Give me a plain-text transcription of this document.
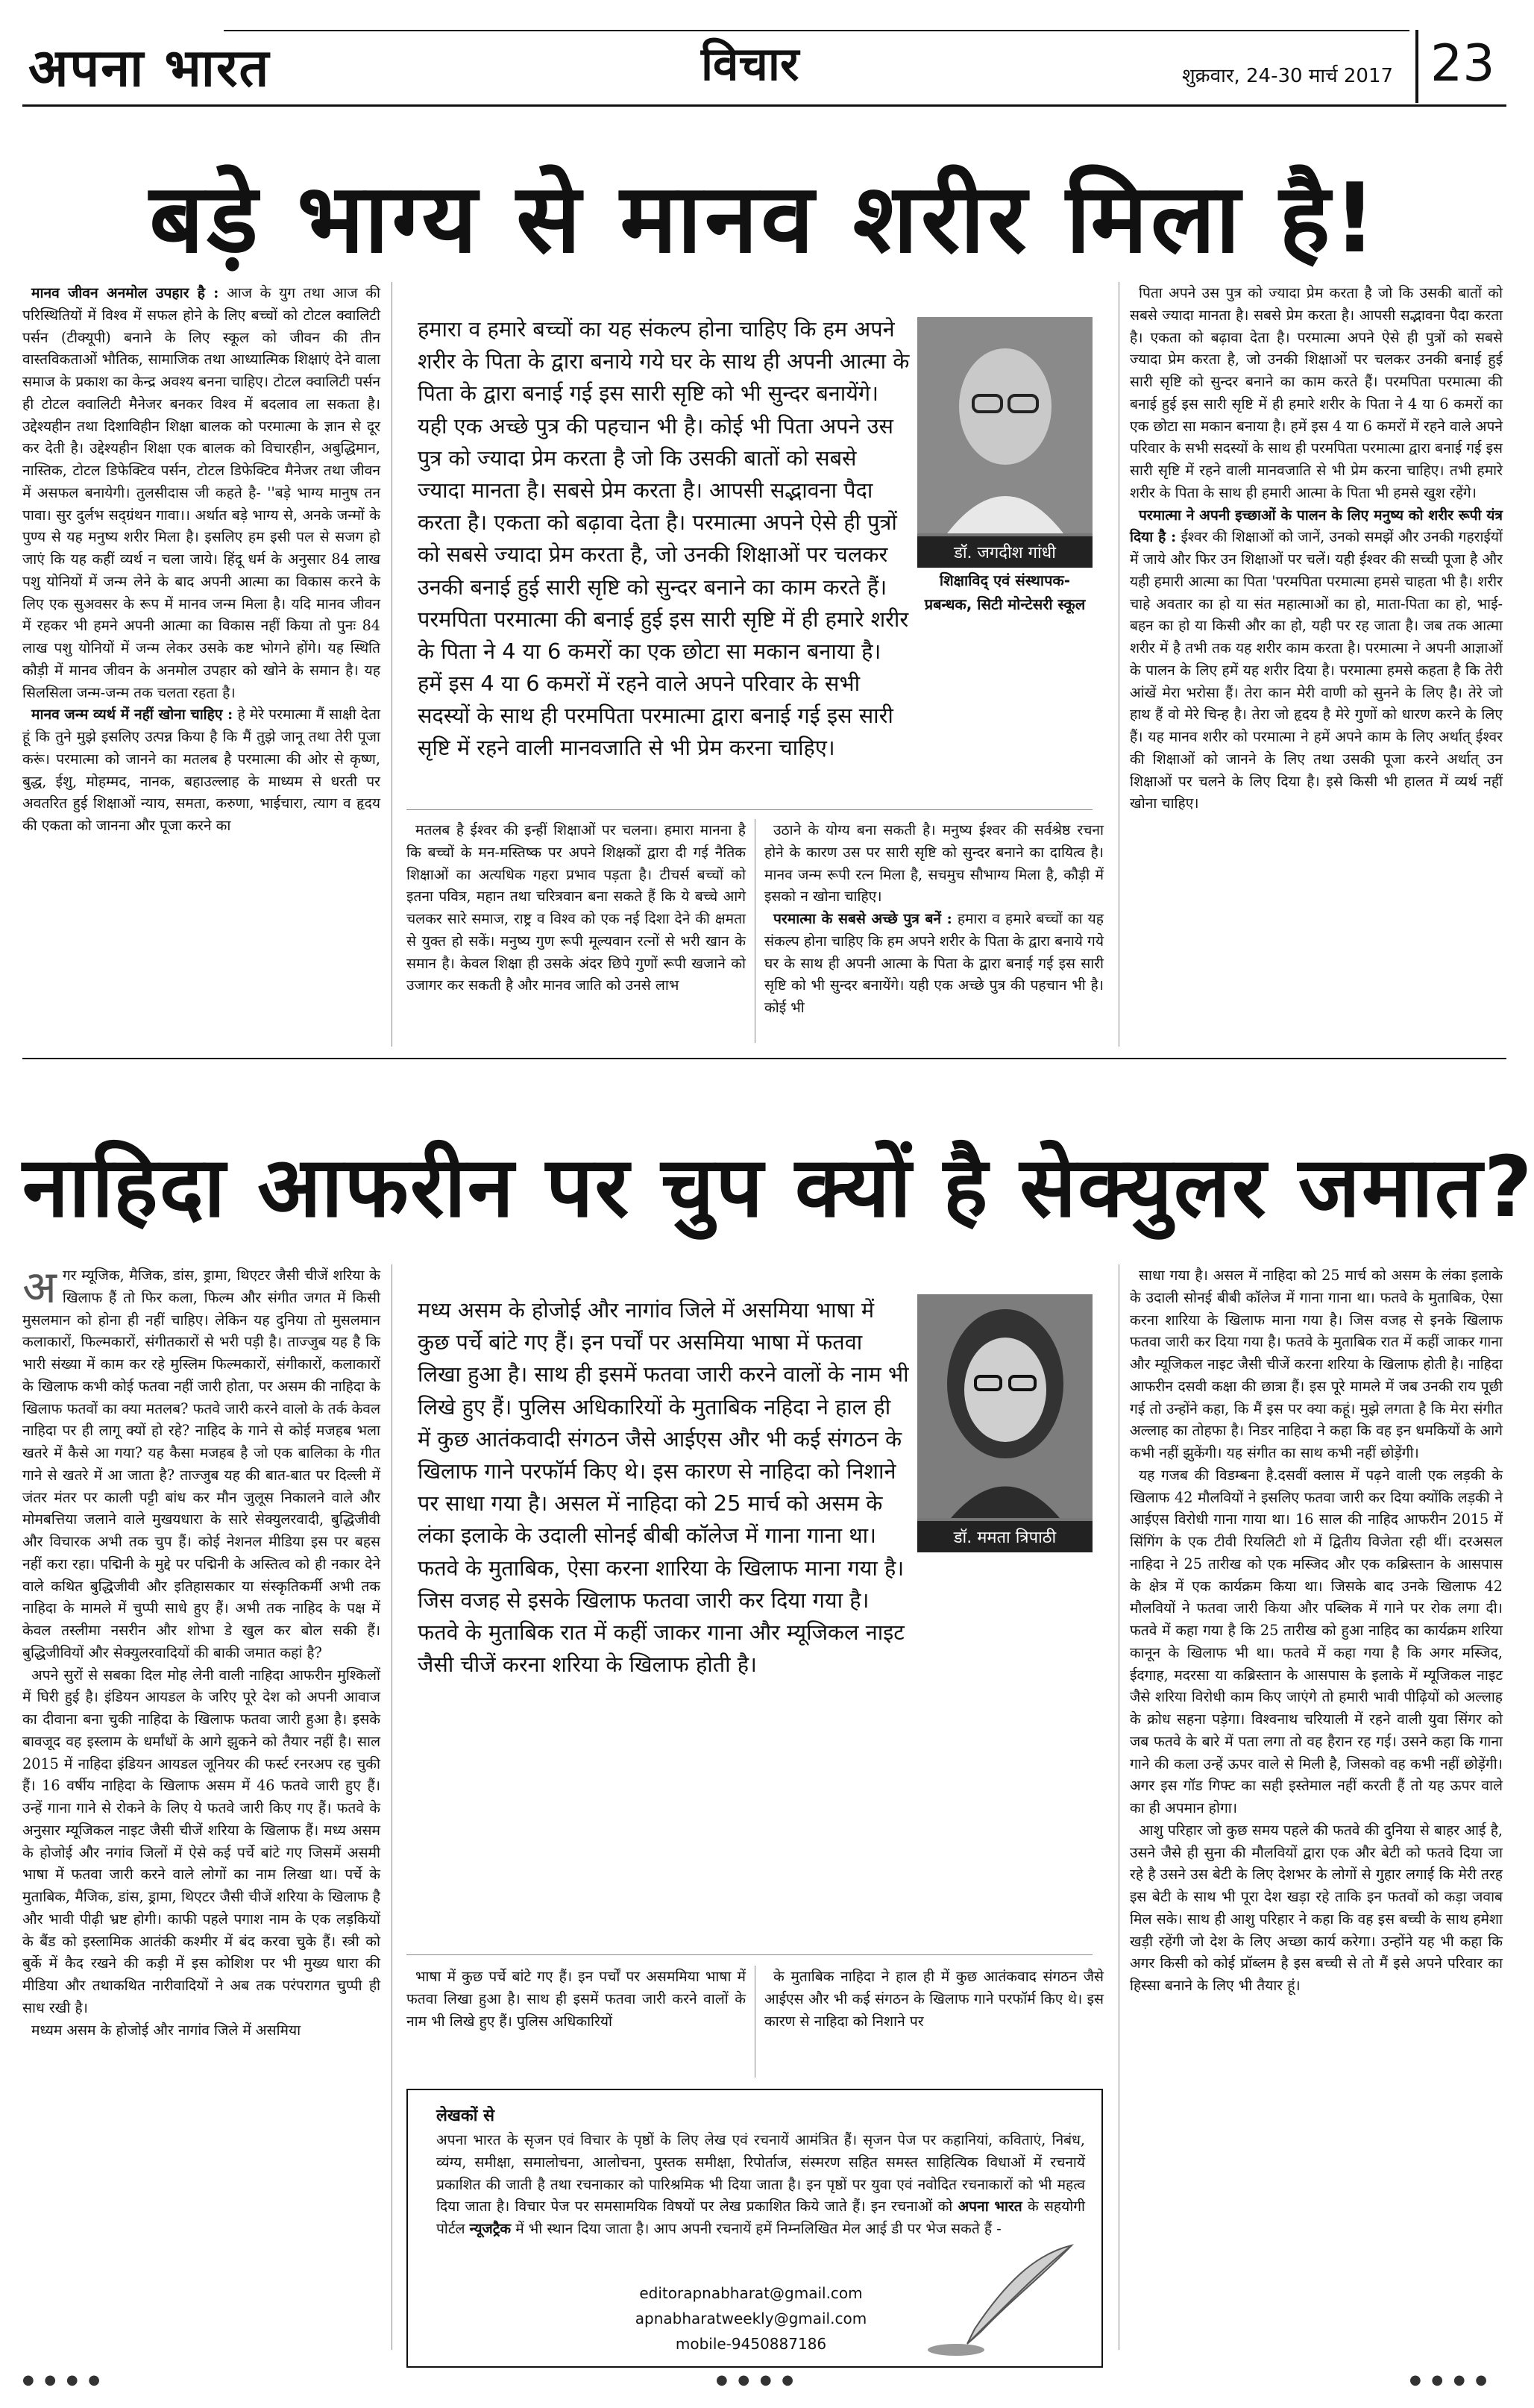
अपना भारत	विचार	शुक्रवार, 24-30 मार्च 2017 23
बड़े भाग्य से मानव शरीर मिला है!

मानव जीवन अनमोल उपहार है : आज के युग तथा आज की परिस्थितियों में विश्व में सफल होने के लिए बच्चों को टोटल क्वालिटी पर्सन (टीक्यूपी) बनाने के लिए स्कूल को जीवन की तीन वास्तविकताओं भौतिक, सामाजिक तथा आध्यात्मिक शिक्षाएं देने वाला समाज के प्रकाश का केन्द्र अवश्य बनना चाहिए। टोटल क्वालिटी पर्सन ही टोटल क्वालिटी मैनेजर बनकर विश्व में बदलाव ला सकता है। उद्देश्यहीन तथा दिशाविहीन शिक्षा बालक को परमात्मा के ज्ञान से दूर कर देती है। उद्देश्यहीन शिक्षा एक बालक को विचारहीन, अबुद्धिमान, नास्तिक, टोटल डिफेक्टिव पर्सन, टोटल डिफेक्टिव मैनेजर तथा जीवन में असफल बनायेगी। तुलसीदास जी कहते है- ''बड़े भाग्य मानुष तन पावा। सुर दुर्लभ सद्ग्रंथन गावा।। अर्थात बड़े भाग्य से, अनके जन्मों के पुण्य से यह मनुष्य शरीर मिला है। इसलिए हम इसी पल से सजग हो जाएं कि यह कहीं व्यर्थ न चला जाये। हिंदू धर्म के अनुसार 84 लाख पशु योनियों में जन्म लेने के बाद अपनी आत्मा का विकास करने के लिए एक सुअवसर के रूप में मानव जन्म मिला है। यदि मानव जीवन में रहकर भी हमने अपनी आत्मा का विकास नहीं किया तो पुनः 84 लाख पशु योनियों में जन्म लेकर उसके कष्ट भोगने होंगे। यह स्थिति कौड़ी में मानव जीवन के अनमोल उपहार को खोने के समान है। यह सिलसिला जन्म-जन्म तक चलता रहता है।

मानव जन्म व्यर्थ में नहीं खोना चाहिए : हे मेरे परमात्मा मैं साक्षी देता हूं कि तुने मुझे इसलिए उत्पन्न किया है कि मैं तुझे जानू तथा तेरी पूजा करूं। परमात्मा को जानने का मतलब है परमात्मा की ओर से कृष्ण, बुद्ध, ईशु, मोहम्मद, नानक, बहाउल्लाह के माध्यम से धरती पर अवतरित हुई शिक्षाओं न्याय, समता, करुणा, भाईचारा, त्याग व हृदय की एकता को जानना और पूजा करने का

हमारा व हमारे बच्चों का यह संकल्प होना चाहिए कि हम अपने शरीर के पिता के द्वारा बनाये गये घर के साथ ही अपनी आत्मा के पिता के द्वारा बनाई गई इस सारी सृष्टि को भी सुन्दर बनायेंगे। यही एक अच्छे पुत्र की पहचान भी है। कोई भी पिता अपने उस पुत्र को ज्यादा प्रेम करता है जो कि उसकी बातों को सबसे ज्यादा मानता है। सबसे प्रेम करता है। आपसी सद्भावना पैदा करता है। एकता को बढ़ावा देता है। परमात्मा अपने ऐसे ही पुत्रों को सबसे ज्यादा प्रेम करता है, जो उनकी शिक्षाओं पर चलकर उनकी बनाई हुई सारी सृष्टि को सुन्दर बनाने का काम करते हैं। परमपिता परमात्मा की बनाई हुई इस सारी सृष्टि में ही हमारे शरीर के पिता ने 4 या 6 कमरों का एक छोटा सा मकान बनाया है। हमें इस 4 या 6 कमरों में रहने वाले अपने परिवार के सभी सदस्यों के साथ ही परमपिता परमात्मा द्वारा बनाई गई इस सारी सृष्टि में रहने वाली मानवजाति से भी प्रेम करना चाहिए।

डॉ. जगदीश गांधी
शिक्षाविद् एवं संस्थापक-
प्रबन्धक, सिटी मोन्टेसरी स्कूल

मतलब है ईश्वर की इन्हीं शिक्षाओं पर चलना। हमारा मानना है कि बच्चों के मन-मस्तिष्क पर अपने शिक्षकों द्वारा दी गई नैतिक शिक्षाओं का अत्यधिक गहरा प्रभाव पड़ता है। टीचर्स बच्चों को इतना पवित्र, महान तथा चरित्रवान बना सकते हैं कि ये बच्चे आगे चलकर सारे समाज, राष्ट्र व विश्व को एक नई दिशा देने की क्षमता से युक्त हो सकें। मनुष्य गुण रूपी मूल्यवान रत्नों से भरी खान के समान है। केवल शिक्षा ही उसके अंदर छिपे गुणों रूपी खजाने को उजागर कर सकती है और मानव जाति को उनसे लाभ

उठाने के योग्य बना सकती है। मनुष्य ईश्वर की सर्वश्रेष्ठ रचना होने के कारण उस पर सारी सृष्टि को सुन्दर बनाने का दायित्व है। मानव जन्म रूपी रत्न मिला है, सचमुच सौभाग्य मिला है, कौड़ी में इसको न खोना चाहिए।

परमात्मा के सबसे अच्छे पुत्र बनें : हमारा व हमारे बच्चों का यह संकल्प होना चाहिए कि हम अपने शरीर के पिता के द्वारा बनाये गये घर के साथ ही अपनी आत्मा के पिता के द्वारा बनाई गई इस सारी सृष्टि को भी सुन्दर बनायेंगे। यही एक अच्छे पुत्र की पहचान भी है। कोई भी

पिता अपने उस पुत्र को ज्यादा प्रेम करता है जो कि उसकी बातों को सबसे ज्यादा मानता है। सबसे प्रेम करता है। आपसी सद्भावना पैदा करता है। एकता को बढ़ावा देता है। परमात्मा अपने ऐसे ही पुत्रों को सबसे ज्यादा प्रेम करता है, जो उनकी शिक्षाओं पर चलकर उनकी बनाई हुई सारी सृष्टि को सुन्दर बनाने का काम करते हैं। परमपिता परमात्मा की बनाई हुई इस सारी सृष्टि में ही हमारे शरीर के पिता ने 4 या 6 कमरों का एक छोटा सा मकान बनाया है। हमें इस 4 या 6 कमरों में रहने वाले अपने परिवार के सभी सदस्यों के साथ ही परमपिता परमात्मा द्वारा बनाई गई इस सारी सृष्टि में रहने वाली मानवजाति से भी प्रेम करना चाहिए। तभी हमारे शरीर के पिता के साथ ही हमारी आत्मा के पिता भी हमसे खुश रहेंगे।

परमात्मा ने अपनी इच्छाओं के पालन के लिए मनुष्य को शरीर रूपी यंत्र दिया है : ईश्वर की शिक्षाओं को जानें, उनको समझें और उनकी गहराईयों में जाये और फिर उन शिक्षाओं पर चलें। यही ईश्वर की सच्ची पूजा है और यही हमारी आत्मा का पिता 'परमपिता परमात्मा हमसे चाहता भी है। शरीर चाहे अवतार का हो या संत महात्माओं का हो, माता-पिता का हो, भाई-बहन का हो या किसी और का हो, यही पर रह जाता है। जब तक आत्मा शरीर में है तभी तक यह शरीर काम करता है। परमात्मा ने अपनी आज्ञाओं के पालन के लिए हमें यह शरीर दिया है। परमात्मा हमसे कहता है कि तेरी आंखें मेरा भरोसा हैं। तेरा कान मेरी वाणी को सुनने के लिए है। तेरे जो हाथ हैं वो मेरे चिन्ह है। तेरा जो हृदय है मेरे गुणों को धारण करने के लिए हैं। यह मानव शरीर को परमात्मा ने हमें अपने काम के लिए अर्थात् ईश्वर की शिक्षाओं को जानने के लिए तथा उसकी पूजा करने अर्थात् उन शिक्षाओं पर चलने के लिए दिया है। इसे किसी भी हालत में व्यर्थ नहीं खोना चाहिए।

नाहिदा आफरीन पर चुप क्यों है सेक्युलर जमात?

अगर म्यूजिक, मैजिक, डांस, ड्रामा, थिएटर जैसी चीजें शरिया के खिलाफ हैं तो फिर कला, फिल्म और संगीत जगत में किसी मुसलमान को होना ही नहीं चाहिए। लेकिन यह दुनिया तो मुसलमान कलाकारों, फिल्मकारों, संगीतकारों से भरी पड़ी है। ताज्जुब यह है कि भारी संख्या में काम कर रहे मुस्लिम फिल्मकारों, संगीकारों, कलाकारों के खिलाफ कभी कोई फतवा नहीं जारी होता, पर असम की नाहिदा के खिलाफ फतवों का क्या मतलब? फतवे जारी करने वालो के तर्क केवल नाहिदा पर ही लागू क्यों हो रहे? नाहिद के गाने से कोई मजहब भला खतरे में कैसे आ गया? यह कैसा मजहब है जो एक बालिका के गीत गाने से खतरे में आ जाता है? ताज्जुब यह की बात-बात पर दिल्ली में जंतर मंतर पर काली पट्टी बांध कर मौन जुलूस निकालने वाले और मोमबत्तिया जलाने वाले मुखयधारा के सारे सेक्युलरवादी, बुद्धिजीवी और विचारक अभी तक चुप हैं। कोई नेशनल मीडिया इस पर बहस नहीं करा रहा। पद्मिनी के मुद्दे पर पद्मिनी के अस्तित्व को ही नकार देने वाले कथित बुद्धिजीवी और इतिहासकार या संस्कृतिकर्मी अभी तक नाहिदा के मामले में चुप्पी साधे हुए हैं। अभी तक नाहिद के पक्ष में केवल तस्लीमा नसरीन और शोभा डे खुल कर बोल सकी हैं। बुद्धिजीवियों और सेक्युलरवादियों की बाकी जमात कहां है?

अपने सुरों से सबका दिल मोह लेनी वाली नाहिदा आफरीन मुश्किलों में घिरी हुई है। इंडियन आयडल के जरिए पूरे देश को अपनी आवाज का दीवाना बना चुकी नाहिदा के खिलाफ फतवा जारी हुआ है। इसके बावजूद वह इस्लाम के धर्मांधों के आगे झुकने को तैयार नहीं है। साल 2015 में नाहिदा इंडियन आयडल जूनियर की फर्स्ट रनरअप रह चुकी हैं। 16 वर्षीय नाहिदा के खिलाफ असम में 46 फतवे जारी हुए हैं। उन्हें गाना गाने से रोकने के लिए ये फतवे जारी किए गए हैं। फतवे के अनुसार म्यूजिकल नाइट जैसी चीजें शरिया के खिलाफ हैं। मध्य असम के होजोई और नगांव जिलों में ऐसे कई पर्चे बांटे गए जिसमें असमी भाषा में फतवा जारी करने वाले लोगों का नाम लिखा था। पर्चे के मुताबिक, मैजिक, डांस, ड्रामा, थिएटर जैसी चीजें शरिया के खिलाफ है और भावी पीढ़ी भ्रष्ट होगी। काफी पहले पगाश नाम के एक लड़कियों के बैंड को इस्लामिक आतंकी कश्मीर में बंद करवा चुके हैं। स्त्री को बुर्के में कैद रखने की कड़ी में इस कोशिश पर भी मुख्य धारा की मीडिया और तथाकथित नारीवादियों ने अब तक परंपरागत चुप्पी ही साध रखी है।

मध्यम असम के होजोई और नागांव जिले में असमिया

मध्य असम के होजोई और नागांव जिले में असमिया भाषा में कुछ पर्चे बांटे गए हैं। इन पर्चों पर असमिया भाषा में फतवा लिखा हुआ है। साथ ही इसमें फतवा जारी करने वालों के नाम भी लिखे हुए हैं। पुलिस अधिकारियों के मुताबिक नहिदा ने हाल ही में कुछ आतंकवादी संगठन जैसे आईएस और भी कई संगठन के खिलाफ गाने परफॉर्म किए थे। इस कारण से नाहिदा को निशाने पर साधा गया है। असल में नाहिदा को 25 मार्च को असम के लंका इलाके के उदाली सोनई बीबी कॉलेज में गाना गाना था। फतवे के मुताबिक, ऐसा करना शारिया के खिलाफ माना गया है। जिस वजह से इसके खिलाफ फतवा जारी कर दिया गया है। फतवे के मुताबिक रात में कहीं जाकर गाना और म्यूजिकल नाइट जैसी चीजें करना शरिया के खिलाफ होती है।

डॉ. ममता त्रिपाठी

भाषा में कुछ पर्चे बांटे गए हैं। इन पर्चों पर असममिया भाषा में फतवा लिखा हुआ है। साथ ही इसमें फतवा जारी करने वालों के नाम भी लिखे हुए हैं। पुलिस अधिकारियों

के मुताबिक नाहिदा ने हाल ही में कुछ आतंकवाद संगठन जैसे आईएस और भी कई संगठन के खिलाफ गाने परफॉर्म किए थे। इस कारण से नाहिदा को निशाने पर

लेखकों से
अपना भारत के सृजन एवं विचार के पृष्ठों के लिए लेख एवं रचनायें आमंत्रित हैं। सृजन पेज पर कहानियां, कविताएं, निबंध, व्यंग्य, समीक्षा, समालोचना, आलोचना, पुस्तक समीक्षा, रिपोर्ताज, संस्मरण सहित समस्त साहित्यिक विधाओं में रचनायें प्रकाशित की जाती है तथा रचनाकार को पारिश्रमिक भी दिया जाता है। इन पृष्ठों पर युवा एवं नवोदित रचनाकारों को भी महत्व दिया जाता है। विचार पेज पर समसामयिक विषयों पर लेख प्रकाशित किये जाते हैं। इन रचनाओं को अपना भारत के सहयोगी पोर्टल न्यूजट्रैक में भी स्थान दिया जाता है। आप अपनी रचनायें हमें निम्नलिखित मेल आई डी पर भेज सकते हैं -
editorapnabharat@gmail.com
apnabharatweekly@gmail.com
mobile-9450887186

साधा गया है। असल में नाहिदा को 25 मार्च को असम के लंका इलाके के उदाली सोनई बीबी कॉलेज में गाना गाना था। फतवे के मुताबिक, ऐसा करना शारिया के खिलाफ माना गया है। जिस वजह से इनके खिलाफ फतवा जारी कर दिया गया है। फतवे के मुताबिक रात में कहीं जाकर गाना और म्यूजिकल नाइट जैसी चीजें करना शरिया के खिलाफ होती है। नाहिदा आफरीन दसवी कक्षा की छात्रा हैं। इस पूरे मामले में जब उनकी राय पूछी गई तो उन्होंने कहा, कि मैं इस पर क्या कहूं। मुझे लगता है कि मेरा संगीत अल्लाह का तोहफा है। निडर नाहिदा ने कहा कि वह इन धमकियों के आगे कभी नहीं झुकेंगी। यह संगीत का साथ कभी नहीं छोड़ेंगी।

यह गजब की विडम्बना है.दसवीं क्लास में पढ़ने वाली एक लड़की के खिलाफ 42 मौलवियों ने इसलिए फतवा जारी कर दिया क्योंकि लड़की ने आईएस विरोधी गाना गाया था। 16 साल की नाहिद आफरीन 2015 में सिंगिंग के एक टीवी रियलिटी शो में द्वितीय विजेता रही थीं। दरअसल नाहिदा ने 25 तारीख को एक मस्जिद और एक कब्रिस्तान के आसपास के क्षेत्र में एक कार्यक्रम किया था। जिसके बाद उनके खिलाफ 42 मौलवियों ने फतवा जारी किया और पब्लिक में गाने पर रोक लगा दी। फतवे में कहा गया है कि 25 तारीख को हुआ नाहिद का कार्यक्रम शरिया कानून के खिलाफ भी था। फतवे में कहा गया है कि अगर मस्जिद, ईदगाह, मदरसा या कब्रिस्तान के आसपास के इलाके में म्यूजिकल नाइट जैसे शरिया विरोधी काम किए जाएंगे तो हमारी भावी पीढ़ियों को अल्लाह के क्रोध सहना पड़ेगा। विश्वनाथ चरियाली में रहने वाली युवा सिंगर को जब फतवे के बारे में पता लगा तो वह हैरान रह गई। उसने कहा कि गाना गाने की कला उन्हें ऊपर वाले से मिली है, जिसको वह कभी नहीं छोड़ेंगी। अगर इस गॉड गिफ्ट का सही इस्तेमाल नहीं करती हैं तो यह ऊपर वाले का ही अपमान होगा।

आशु परिहार जो कुछ समय पहले की फतवे की दुनिया से बाहर आई है, उसने जैसे ही सुना की मौलवियों द्वारा एक और बेटी को फतवे दिया जा रहे है उसने उस बेटी के लिए देशभर के लोगों से गुहार लगाई कि मेरी तरह इस बेटी के साथ भी पूरा देश खड़ा रहे ताकि इन फतवों को कड़ा जवाब मिल सके। साथ ही आशु परिहार ने कहा कि वह इस बच्ची के साथ हमेशा खड़ी रहेंगी जो देश के लिए अच्छा कार्य करेगा। उन्होंने यह भी कहा कि अगर किसी को कोई प्रॉब्लम है इस बच्ची से तो मैं इसे अपने परिवार का हिस्सा बनाने के लिए भी तैयार हूं।

● ● ● ●	● ● ● ●	● ● ● ●
